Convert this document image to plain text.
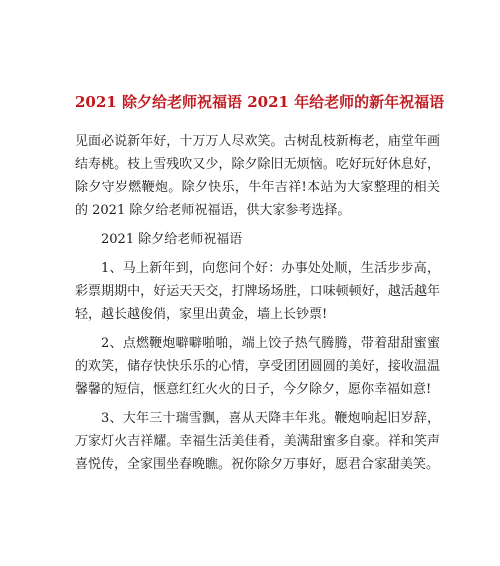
2021 除夕给老师祝福语 2021 年给老师的新年祝福语

见面必说新年好，十万万人尽欢笑。古树乱枝新梅老，庙堂年画结寿桃。枝上雪残吹又少，除夕除旧无烦恼。吃好玩好休息好，除夕守岁燃鞭炮。除夕快乐，牛年吉祥!本站为大家整理的相关的 2021 除夕给老师祝福语，供大家参考选择。

2021 除夕给老师祝福语

1、马上新年到，向您问个好：办事处处顺，生活步步高，彩票期期中，好运天天交，打牌场场胜，口味顿顿好，越活越年轻，越长越俊俏，家里出黄金，墙上长钞票!

2、点燃鞭炮噼噼啪啪，端上饺子热气腾腾，带着甜甜蜜蜜的欢笑，储存快快乐乐的心情，享受团团圆圆的美好，接收温温馨馨的短信，惬意红红火火的日子，今夕除夕，愿你幸福如意!

3、大年三十瑞雪飘，喜从天降丰年兆。鞭炮响起旧岁辞，万家灯火吉祥耀。幸福生活美佳肴，美满甜蜜多自豪。祥和笑声喜悦传，全家围坐春晚瞧。祝你除夕万事好，愿君合家甜美笑。
